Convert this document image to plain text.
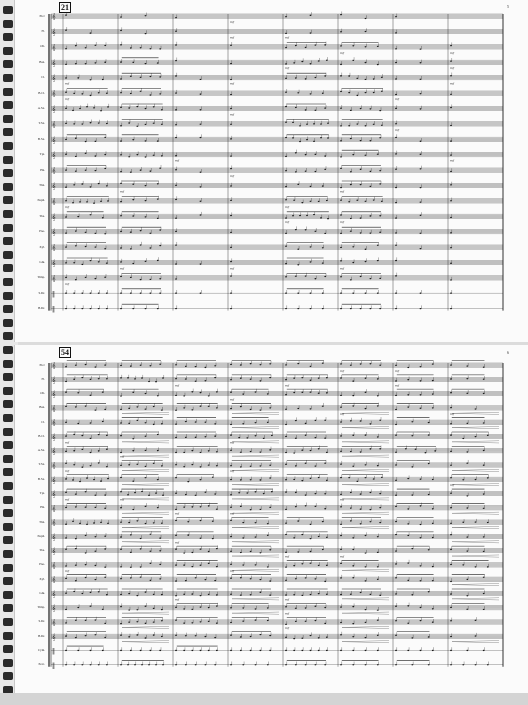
21	5
𝄞
mf
𝄞
mf	mf
𝄞
mf	mf
𝄞
mf	mf
𝄞
mf	mf	mf
𝄞
mf	mf
𝄞
mf
𝄞
mf
𝄞
𝄞
mf	mf
𝄞
mf
𝄞
mf	mf
𝄞
mf	mf
𝄞
mf	mf
𝄞
𝄞
𝄞
mf	mf	mf
𝄞
mf
‖
‖
Picc
Fl.
Ob.
Bsn.
Cl.
B.Cl.
A.Sx.
T.Sx.
B.Sx.
Tpt.
Hn.
Tbn.
Euph.
Tba.
Pno.
Xyl.
Glk.
Timp.
S.Dr.
B.Dr.
54	6
𝄞
mf	mf
𝄞
mf	mf	mf
𝄞
mf
𝄞
mf	mf
𝄞
𝄞
mf	mf
𝄞
mf
𝄞
mf	mf
𝄞
mf
𝄞
mf	mf	mf
𝄞
mf	mf
𝄞
𝄞
mf
𝄞
mf	mf
𝄞
mf	mf
𝄞
𝄞
mf	mf
𝄞
mf
𝄞
mf
𝄞
‖
‖
Picc
Fl.
Ob.
Bsn.
Cl.
B.Cl.
A.Sx.
T.Sx.
B.Sx.
Tpt.
Hn.
Tbn.
Euph.
Tba.
Pno.
Xyl.
Glk.
Timp.
S.Dr.
B.Dr.
Cym.
Perc.
